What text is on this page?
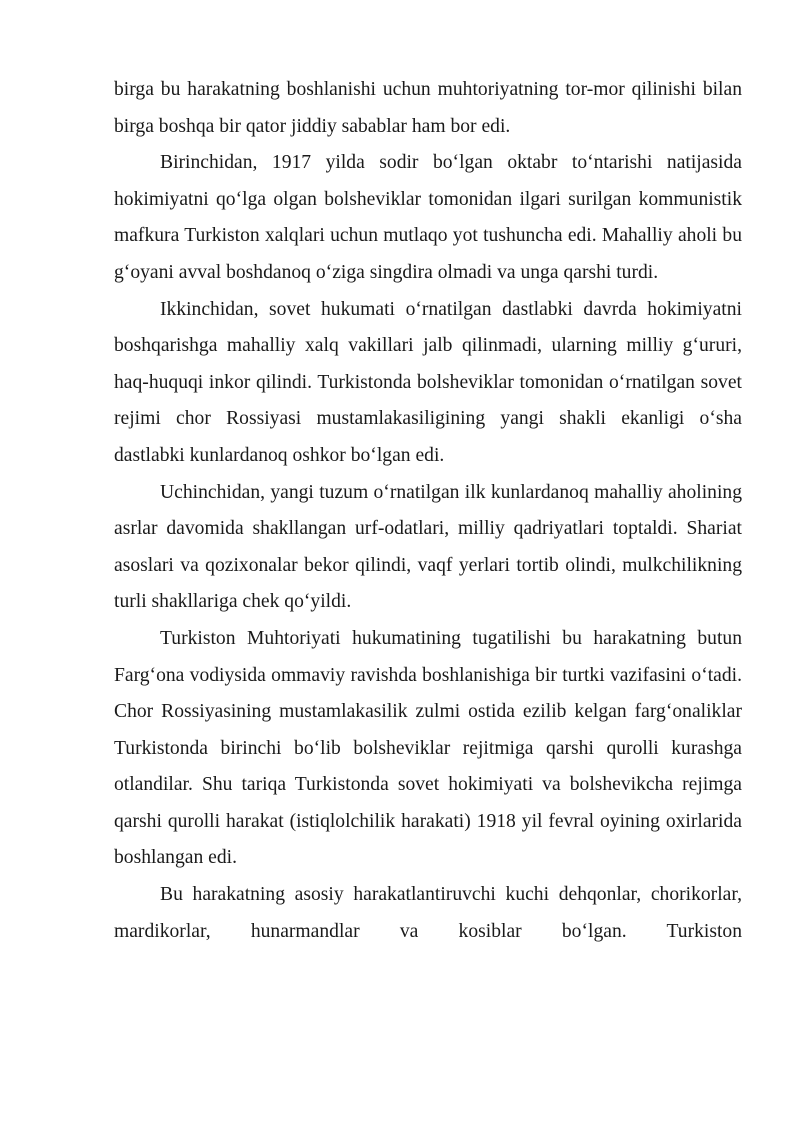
birga bu harakatning boshlanishi uchun muhtoriyatning tor-mor qilinishi bilan birga boshqa bir qator jiddiy sabablar ham bor edi.

Birinchidan, 1917 yilda sodir bo‘lgan oktabr to‘ntarishi natijasida hokimiyatni qo‘lga olgan bolsheviklar tomonidan ilgari surilgan kommunistik mafkura Turkiston xalqlari uchun mutlaqo yot tushuncha edi. Mahalliy aholi bu g‘oyani avval boshdanoq o‘ziga singdira olmadi va unga qarshi turdi.

Ikkinchidan, sovet hukumati o‘rnatilgan dastlabki davrda hokimiyatni boshqarishga mahalliy xalq vakillari jalb qilinmadi, ularning milliy g‘ururi, haq-huquqi inkor qilindi. Turkistonda bolsheviklar tomonidan o‘rnatilgan sovet rejimi chor Rossiyasi mustamlakasiligining yangi shakli ekanligi o‘sha dastlabki kunlardanoq oshkor bo‘lgan edi.

Uchinchidan, yangi tuzum o‘rnatilgan ilk kunlardanoq mahalliy aholining asrlar davomida shakllangan urf-odatlari, milliy qadriyatlari toptaldi. Shariat asoslari va qozixonalar bekor qilindi, vaqf yerlari tortib olindi, mulkchilikning turli shakllariga chek qo‘yildi.

Turkiston Muhtoriyati hukumatining tugatilishi bu harakatning butun Farg‘ona vodiysida ommaviy ravishda boshlanishiga bir turtki vazifasini o‘tadi. Chor Rossiyasining mustamlakasilik zulmi ostida ezilib kelgan farg‘onaliklar Turkistonda birinchi bo‘lib bolsheviklar rejitmiga qarshi qurolli kurashga otlandilar. Shu tariqa Turkistonda sovet hokimiyati va bolshevikcha rejimga qarshi qurolli harakat (istiqlolchilik harakati) 1918 yil fevral oyining oxirlarida boshlangan edi.

Bu harakatning asosiy harakatlantiruvchi kuchi dehqonlar, chorikorlar, mardikorlar, hunarmandlar va kosiblar bo‘lgan. Turkiston
